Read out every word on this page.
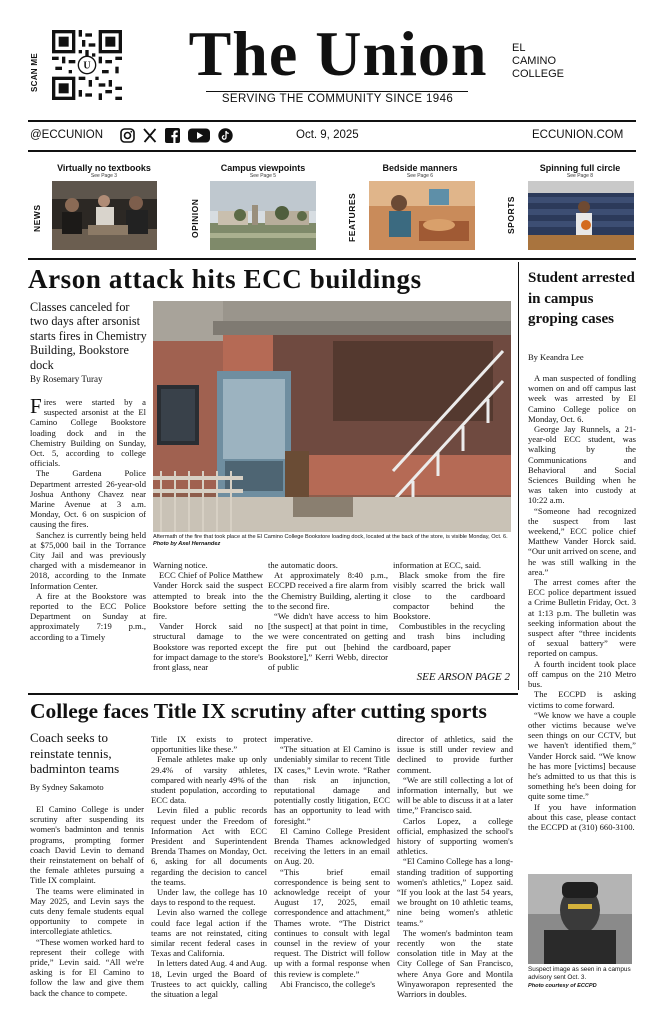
SCAN ME	U	The Union	EL
CAMINO
COLLEGE
SERVING THE COMMUNITY SINCE 1946
@ECCUNION	Oct. 9, 2025	ECCUNION.COM
NEWS
Virtually no textbooks
See Page 3
OPINION
Campus viewpoints
See Page 5
FEATURES
Bedside manners
See Page 6
SPORTS
Spinning full circle
See Page 8
Arson attack hits ECC buildings
Classes canceled for two days after arsonist starts fires in Chemistry Building, Bookstore dock
By Rosemary Turay
Aftermath of the fire that took place at the El Camino College Bookstore loading dock, located at the back of the store, is visible Monday, Oct. 6. Photo by Axel Hernandez

Fires were started by a suspected arsonist at the El Camino College Bookstore loading dock and in the Chemistry Building on Sunday, Oct. 5, according to college officials.

The Gardena Police Department arrested 26-year-old Joshua Anthony Chavez near Marine Avenue at 3 a.m. Monday, Oct. 6 on suspicion of causing the fires.

Sanchez is currently being held at $75,000 bail in the Torrance City Jail and was previously charged with a misdemeanor in 2018, according to the Inmate Information Center.

A fire at the Bookstore was reported to the ECC Police Department on Sunday at approximately 7:19 p.m., according to a Timely

Warning notice.

ECC Chief of Police Matthew Vander Horck said the suspect attempted to break into the Bookstore before setting the fire.

Vander Horck said no structural damage to the Bookstore was reported except for impact damage to the store's front glass, near

the automatic doors.

At approximately 8:40 p.m., ECCPD received a fire alarm from the Chemistry Building, alerting it to the second fire.

“We didn't have access to him [the suspect] at that point in time, we were concentrated on getting the fire put out [behind the Bookstore],” Kerri Webb, director of public

information at ECC, said.

Black smoke from the fire visibly scarred the brick wall close to the cardboard compactor behind the Bookstore.

Combustibles in the recycling and trash bins including cardboard, paper

SEE ARSON PAGE 2
Student arrested in campus groping cases
By Keandra Lee

A man suspected of fondling women on and off campus last week was arrested by El Camino College police on Monday, Oct. 6.

George Jay Runnels, a 21-year-old ECC student, was walking by the Communications and Behavioral and Social Sciences Building when he was taken into custody at 10:22 a.m.

“Someone had recognized the suspect from last weekend,” ECC police chief Matthew Vander Horck said. “Our unit arrived on scene, and he was still walking in the area.”

The arrest comes after the ECC police department issued a Crime Bulletin Friday, Oct. 3 at 1:13 p.m. The bulletin was seeking information about the suspect after “three incidents of sexual battery” were reported on campus.

A fourth incident took place off campus on the 210 Metro bus.

The ECCPD is asking victims to come forward.

“We know we have a couple other victims because we've seen things on our CCTV, but we haven't identified them,” Vander Horck said. “We know he has more [victims] because he's admitted to us that this is something he's been doing for quite some time.”

If you have information about this case, please contact the ECCPD at (310) 660-3100.

Suspect image as seen in a campus advisory sent Oct. 3.
Photo courtesy of ECCPD
College faces Title IX scrutiny after cutting sports
Coach seeks to reinstate tennis, badminton teams
By Sydney Sakamoto

El Camino College is under scrutiny after suspending its women's badminton and tennis programs, prompting former coach David Levin to demand their reinstatement on behalf of the female athletes pursuing a Title IX complaint.

The teams were eliminated in May 2025, and Levin says the cuts deny female students equal opportunity to compete in intercollegiate athletics.

“These women worked hard to represent their college with pride,” Levin said. “All we're asking is for El Camino to follow the law and give them back the chance to compete.

Title IX exists to protect opportunities like these.”

Female athletes make up only 29.4% of varsity athletes, compared with nearly 49% of the student population, according to ECC data.

Levin filed a public records request under the Freedom of Information Act with ECC President and Superintendent Brenda Thames on Monday, Oct. 6, asking for all documents regarding the decision to cancel the teams.

Under law, the college has 10 days to respond to the request.

Levin also warned the college could face legal action if the teams are not reinstated, citing similar recent federal cases in Texas and California.

In letters dated Aug. 4 and Aug. 18, Levin urged the Board of Trustees to act quickly, calling the situation a legal

imperative.

“The situation at El Camino is undeniably similar to recent Title IX cases,” Levin wrote. “Rather than risk an injunction, reputational damage and potentially costly litigation, ECC has an opportunity to lead with foresight.”

El Camino College President Brenda Thames acknowledged receiving the letters in an email on Aug. 20.

“This brief email correspondence is being sent to acknowledge receipt of your August 17, 2025, email correspondence and attachment,” Thames wrote. “The District continues to consult with legal counsel in the review of your request. The District will follow up with a formal response when this review is complete.”

Abi Francisco, the college's

director of athletics, said the issue is still under review and declined to provide further comment.

“We are still collecting a lot of information internally, but we will be able to discuss it at a later time,” Francisco said.

Carlos Lopez, a college official, emphasized the school's history of supporting women's athletics.

“El Camino College has a long-standing tradition of supporting women's athletics,” Lopez said. “If you look at the last 54 years, we brought on 10 athletic teams, nine being women's athletic teams.”

The women's badminton team recently won the state consolation title in May at the City College of San Francisco, where Anya Gore and Montila Winyaworapon represented the Warriors in doubles.
